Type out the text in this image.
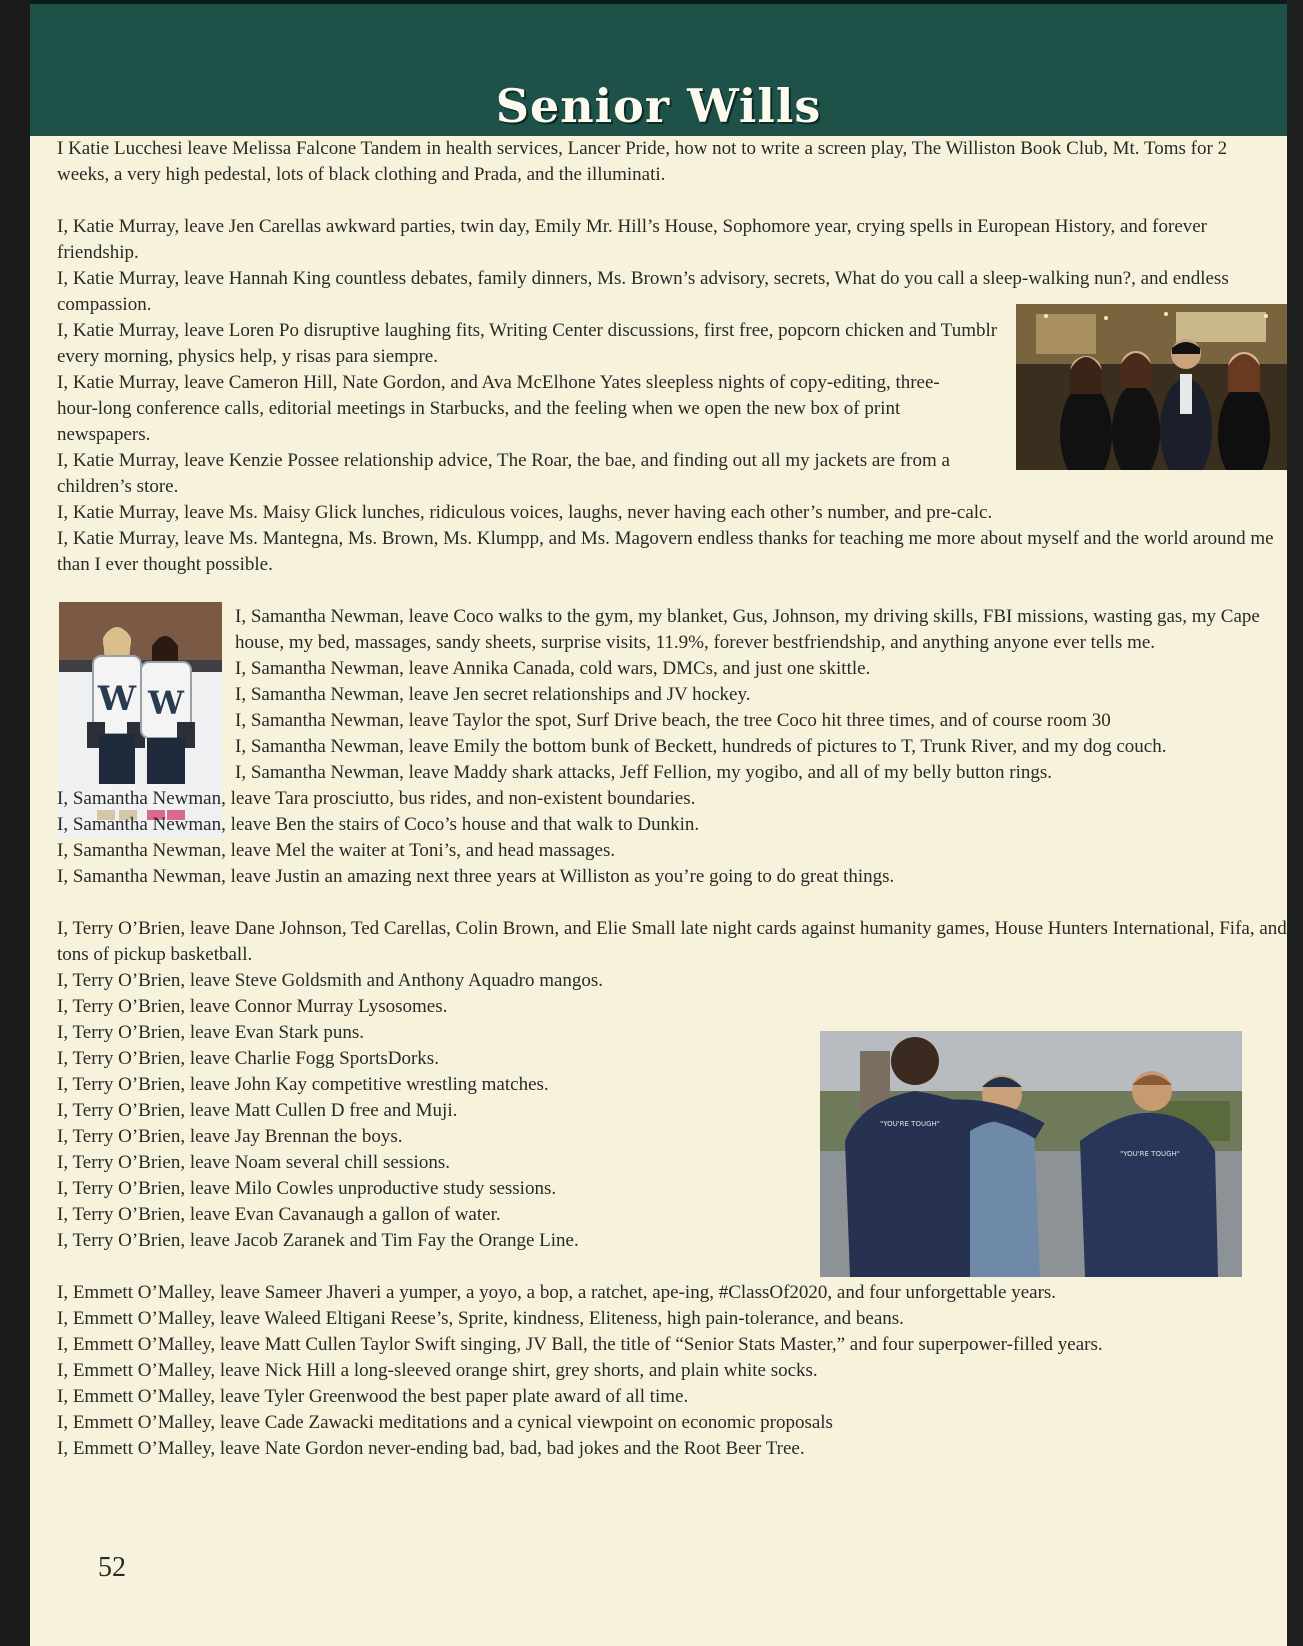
Senior Wills
W W
"YOU'RE TOUGH"
"YOU'RE TOUGH"

I Katie Lucchesi leave Melissa Falcone Tandem in health services, Lancer Pride, how not to write a screen play, The Williston Book Club, Mt. Toms for 2 weeks, a very high pedestal, lots of black clothing and Prada, and the illuminati.

I, Katie Murray, leave Jen Carellas awkward parties, twin day, Emily Mr. Hill’s House, Sophomore year, crying spells in European History, and forever friendship.

I, Katie Murray, leave Hannah King countless debates, family dinners, Ms. Brown’s advisory, secrets, What do you call a sleep-walking nun?, and endless compassion.

I, Katie Murray, leave Loren Po disruptive laughing fits, Writing Center discussions, first free, popcorn chicken and Tumblr every morning, physics help, y risas para siempre.

I, Katie Murray, leave Cameron Hill, Nate Gordon, and Ava McElhone Yates sleepless nights of copy-editing, three-hour-long conference calls, editorial meetings in Starbucks, and the feeling when we open the new box of print newspapers.

I, Katie Murray, leave Kenzie Possee relationship advice, The Roar, the bae, and finding out all my jackets are from a children’s store.

I, Katie Murray, leave Ms. Maisy Glick lunches, ridiculous voices, laughs, never having each other’s number, and pre-calc.

I, Katie Murray, leave Ms. Mantegna, Ms. Brown, Ms. Klumpp, and Ms. Magovern endless thanks for teaching me more about myself and the world around me than I ever thought possible.

I, Samantha Newman, leave Coco walks to the gym, my blanket, Gus, Johnson, my driving skills, FBI missions, wasting gas, my Cape house, my bed, massages, sandy sheets, surprise visits, 11.9%, forever bestfriendship, and anything anyone ever tells me.

I, Samantha Newman, leave Annika Canada, cold wars, DMCs, and just one skittle.

I, Samantha Newman, leave Jen secret relationships and JV hockey.

I, Samantha Newman, leave Taylor the spot, Surf Drive beach, the tree Coco hit three times, and of course room 30

I, Samantha Newman, leave Emily the bottom bunk of Beckett, hundreds of pictures to T, Trunk River, and my dog couch.

I, Samantha Newman, leave Maddy shark attacks, Jeff Fellion, my yogibo, and all of my belly button rings.

I, Samantha Newman, leave Tara prosciutto, bus rides, and non-existent boundaries.

I, Samantha Newman, leave Ben the stairs of Coco’s house and that walk to Dunkin.

I, Samantha Newman, leave Mel the waiter at Toni’s, and head massages.

I, Samantha Newman, leave Justin an amazing next three years at Williston as you’re going to do great things.

I, Terry O’Brien, leave Dane Johnson, Ted Carellas, Colin Brown, and Elie Small late night cards against humanity games, House Hunters International, Fifa, and tons of pickup basketball.

I, Terry O’Brien, leave Steve Goldsmith and Anthony Aquadro mangos.

I, Terry O’Brien, leave Connor Murray Lysosomes.

I, Terry O’Brien, leave Evan Stark puns.

I, Terry O’Brien, leave Charlie Fogg SportsDorks.

I, Terry O’Brien, leave John Kay competitive wrestling matches.

I, Terry O’Brien, leave Matt Cullen D free and Muji.

I, Terry O’Brien, leave Jay Brennan the boys.

I, Terry O’Brien, leave Noam several chill sessions.

I, Terry O’Brien, leave Milo Cowles unproductive study sessions.

I, Terry O’Brien, leave Evan Cavanaugh a gallon of water.

I, Terry O’Brien, leave Jacob Zaranek and Tim Fay the Orange Line.

I, Emmett O’Malley, leave Sameer Jhaveri a yumper, a yoyo, a bop, a ratchet, ape-ing, #ClassOf2020, and four unforgettable years.

I, Emmett O’Malley, leave Waleed Eltigani Reese’s, Sprite, kindness, Eliteness, high pain-tolerance, and beans.

I, Emmett O’Malley, leave Matt Cullen Taylor Swift singing, JV Ball, the title of “Senior Stats Master,” and four superpower-filled years.

I, Emmett O’Malley, leave Nick Hill a long-sleeved orange shirt, grey shorts, and plain white socks.

I, Emmett O’Malley, leave Tyler Greenwood the best paper plate award of all time.

I, Emmett O’Malley, leave Cade Zawacki meditations and a cynical viewpoint on economic proposals

I, Emmett O’Malley, leave Nate Gordon never-ending bad, bad, bad jokes and the Root Beer Tree.

52
